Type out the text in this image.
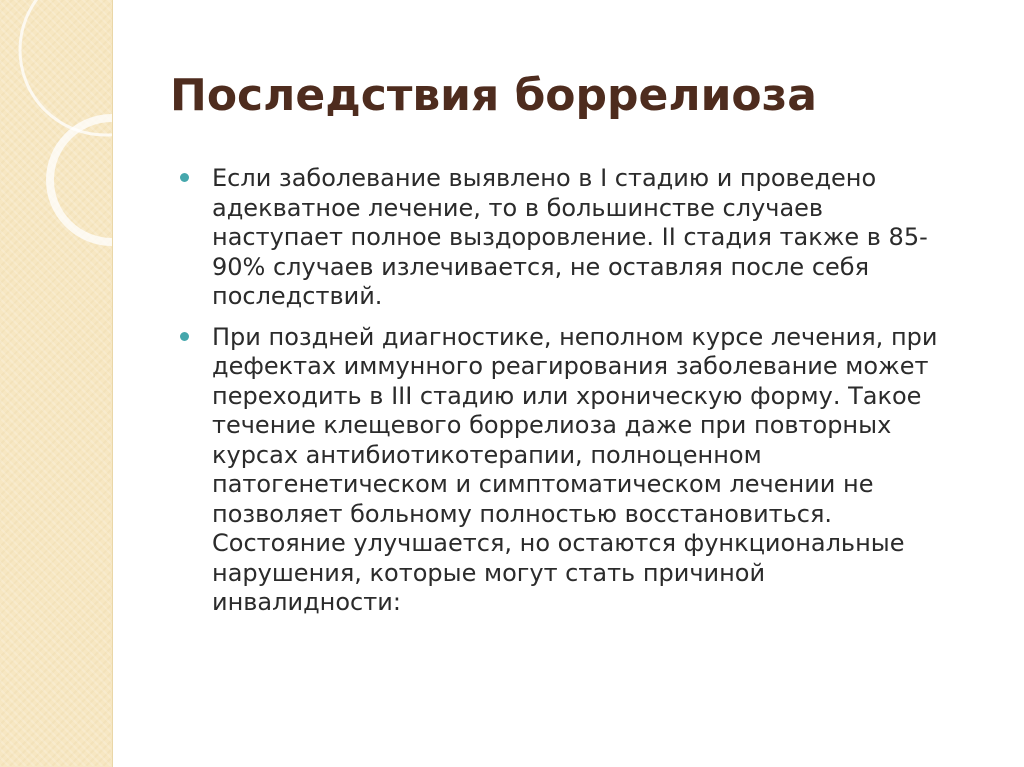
Последствия боррелиоза
Если заболевание выявлено в I стадию и проведено
адекватное лечение, то в большинстве случаев
наступает полное выздоровление. II стадия также в 85-
90% случаев излечивается, не оставляя после себя
последствий.
При поздней диагностике, неполном курсе лечения, при
дефектах иммунного реагирования заболевание может
переходить в III стадию или хроническую форму. Такое
течение клещевого боррелиоза даже при повторных
курсах антибиотикотерапии, полноценном
патогенетическом и симптоматическом лечении не
позволяет больному полностью восстановиться.
Состояние улучшается, но остаются функциональные
нарушения, которые могут стать причиной
инвалидности:
